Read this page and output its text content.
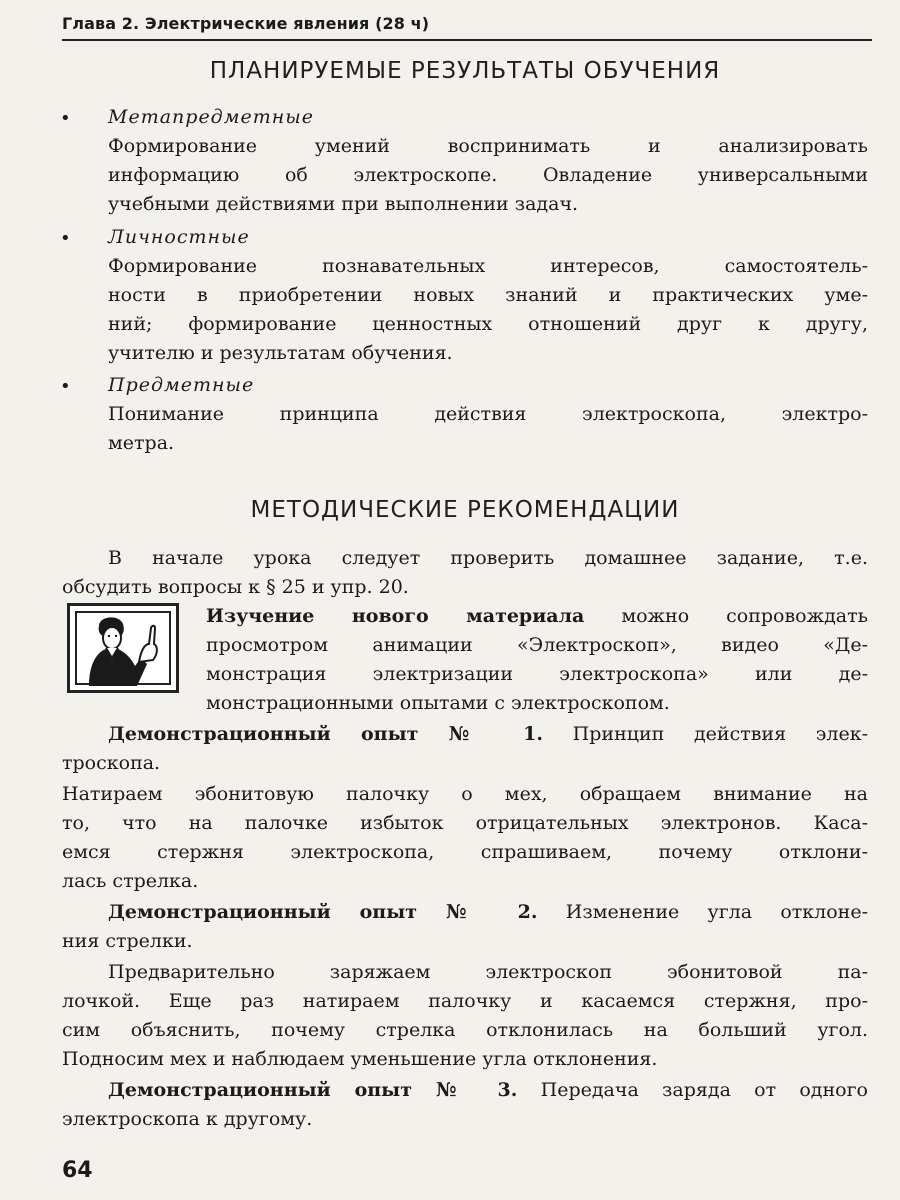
Глава 2. Электрические явления (28 ч)
ПЛАНИРУЕМЫЕ РЕЗУЛЬТАТЫ ОБУЧЕНИЯ
• Метапредметные
Формирование умений воспринимать и анализировать
информацию об электроскопе. Овладение универсальными
учебными действиями при выполнении задач.
• Личностные
Формирование познавательных интересов, самостоятель-
ности в приобретении новых знаний и практических уме-
ний; формирование ценностных отношений друг к другу,
учителю и результатам обучения.
• Предметные
Понимание принципа действия электроскопа, электро-
метра.
МЕТОДИЧЕСКИЕ РЕКОМЕНДАЦИИ
В начале урока следует проверить домашнее задание, т.е.
обсудить вопросы к § 25 и упр. 20.
Изучение нового материала можно сопровождать
просмотром анимации «Электроскоп», видео «Де-
монстрация электризации электроскопа» или де-
монстрационными опытами с электроскопом.
Демонстрационный опыт № 1. Принцип действия элек-
троскопа.
Натираем эбонитовую палочку о мех, обращаем внимание на
то, что на палочке избыток отрицательных электронов. Каса-
емся стержня электроскопа, спрашиваем, почему отклони-
лась стрелка.
Демонстрационный опыт № 2. Изменение угла отклоне-
ния стрелки.
Предварительно заряжаем электроскоп эбонитовой па-
лочкой. Еще раз натираем палочку и касаемся стержня, про-
сим объяснить, почему стрелка отклонилась на больший угол.
Подносим мех и наблюдаем уменьшение угла отклонения.
Демонстрационный опыт № 3. Передача заряда от одного
электроскопа к другому.
64
